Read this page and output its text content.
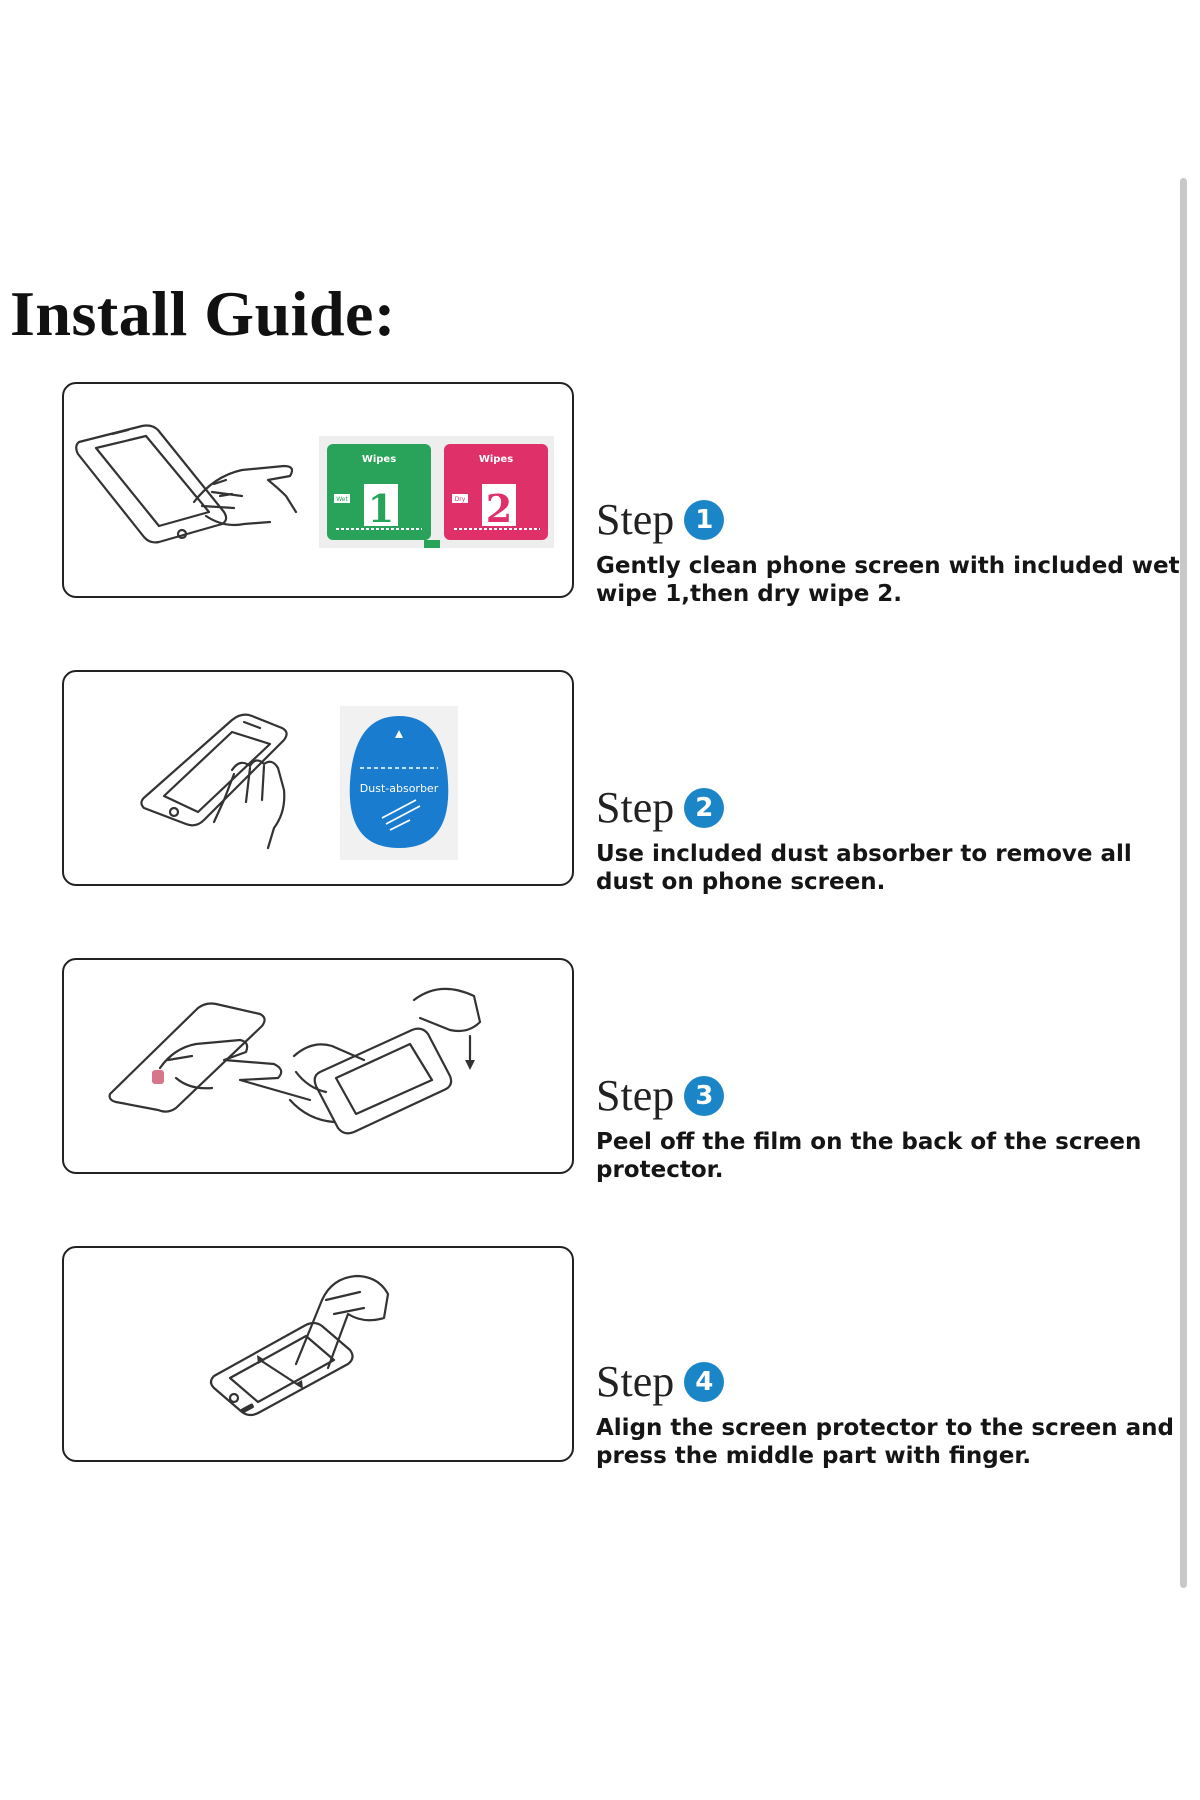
Install Guide:
Wipes	Wipes
Wet	Dry
1 2 Step 1
Gently clean phone screen with included wet wipe 1,then dry wipe 2.
Dust-absorber	Step 2
Use included dust absorber to remove all dust on phone screen.
Step 3
Peel off the film on the back of the screen protector.
Step 4
Align the screen protector to the screen and press the middle part with finger.
